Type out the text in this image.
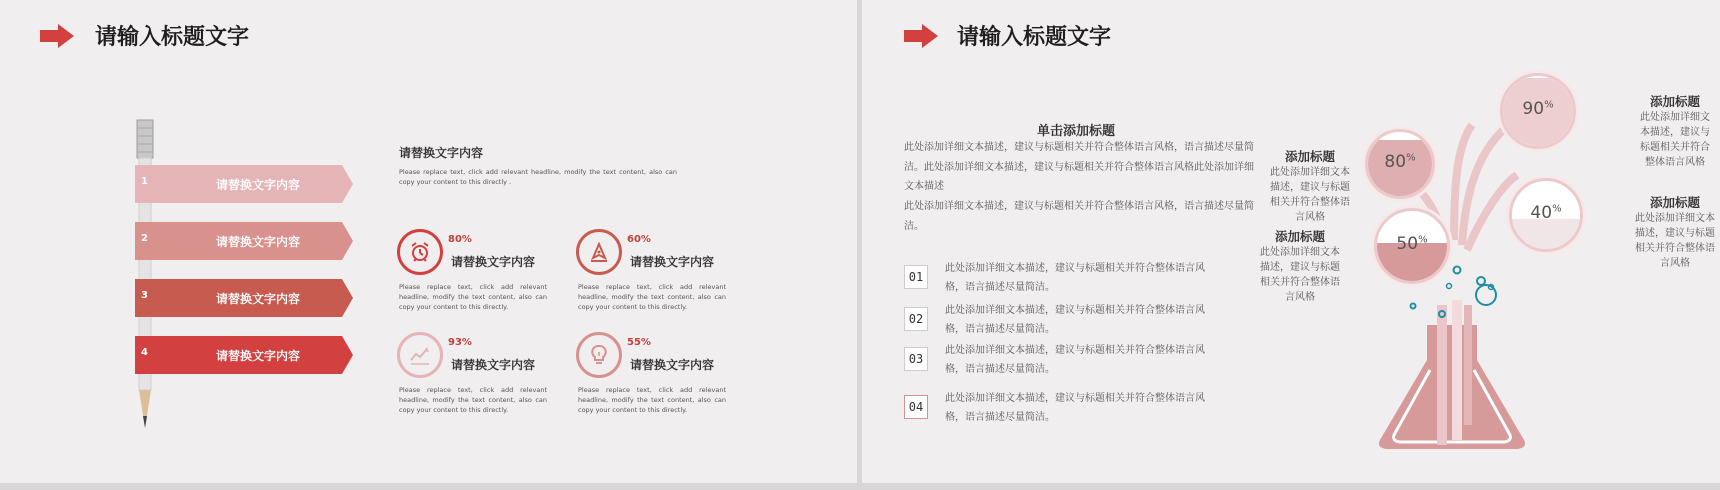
请输入标题文字
1	请替换文字内容
2	请替换文字内容
3	请替换文字内容
4	请替换文字内容
请替换文字内容
Please replace text, click add relevant headline, modify the text content, also can copy your content to this directly .
80%
请替换文字内容
Please replace text, click add relevant headline, modify the text content, also can copy your content to this directly.
60%
请替换文字内容
Please replace text, click add relevant headline, modify the text content, also can copy your content to this directly.
93%
请替换文字内容
Please replace text, click add relevant headline, modify the text content, also can copy your content to this directly.
55%
请替换文字内容
Please replace text, click add relevant headline, modify the text content, also can copy your content to this directly.
请输入标题文字
单击添加标题
此处添加详细文本描述，建议与标题相关并符合整体语言风格，语言描述尽量简洁。此处添加详细文本描述，建议与标题相关并符合整体语言风格此处添加详细文本描述
此处添加详细文本描述，建议与标题相关并符合整体语言风格，语言描述尽量简洁。
01
此处添加详细文本描述，建议与标题相关并符合整体语言风格，语言描述尽量简洁。
02
此处添加详细文本描述，建议与标题相关并符合整体语言风格，语言描述尽量简洁。
03
此处添加详细文本描述，建议与标题相关并符合整体语言风格，语言描述尽量简洁。
04
此处添加详细文本描述，建议与标题相关并符合整体语言风格，语言描述尽量简洁。
90%
80%
40%
50%
添加标题
此处添加详细文本描述，建议与标题相关并符合整体语言风格
添加标题
此处添加详细文本描述，建议与标题相关并符合整体语言风格
添加标题
此处添加详细文本描述，建议与标题相关并符合整体语言风格
添加标题
此处添加详细文本描述，建议与标题相关并符合整体语言风格
